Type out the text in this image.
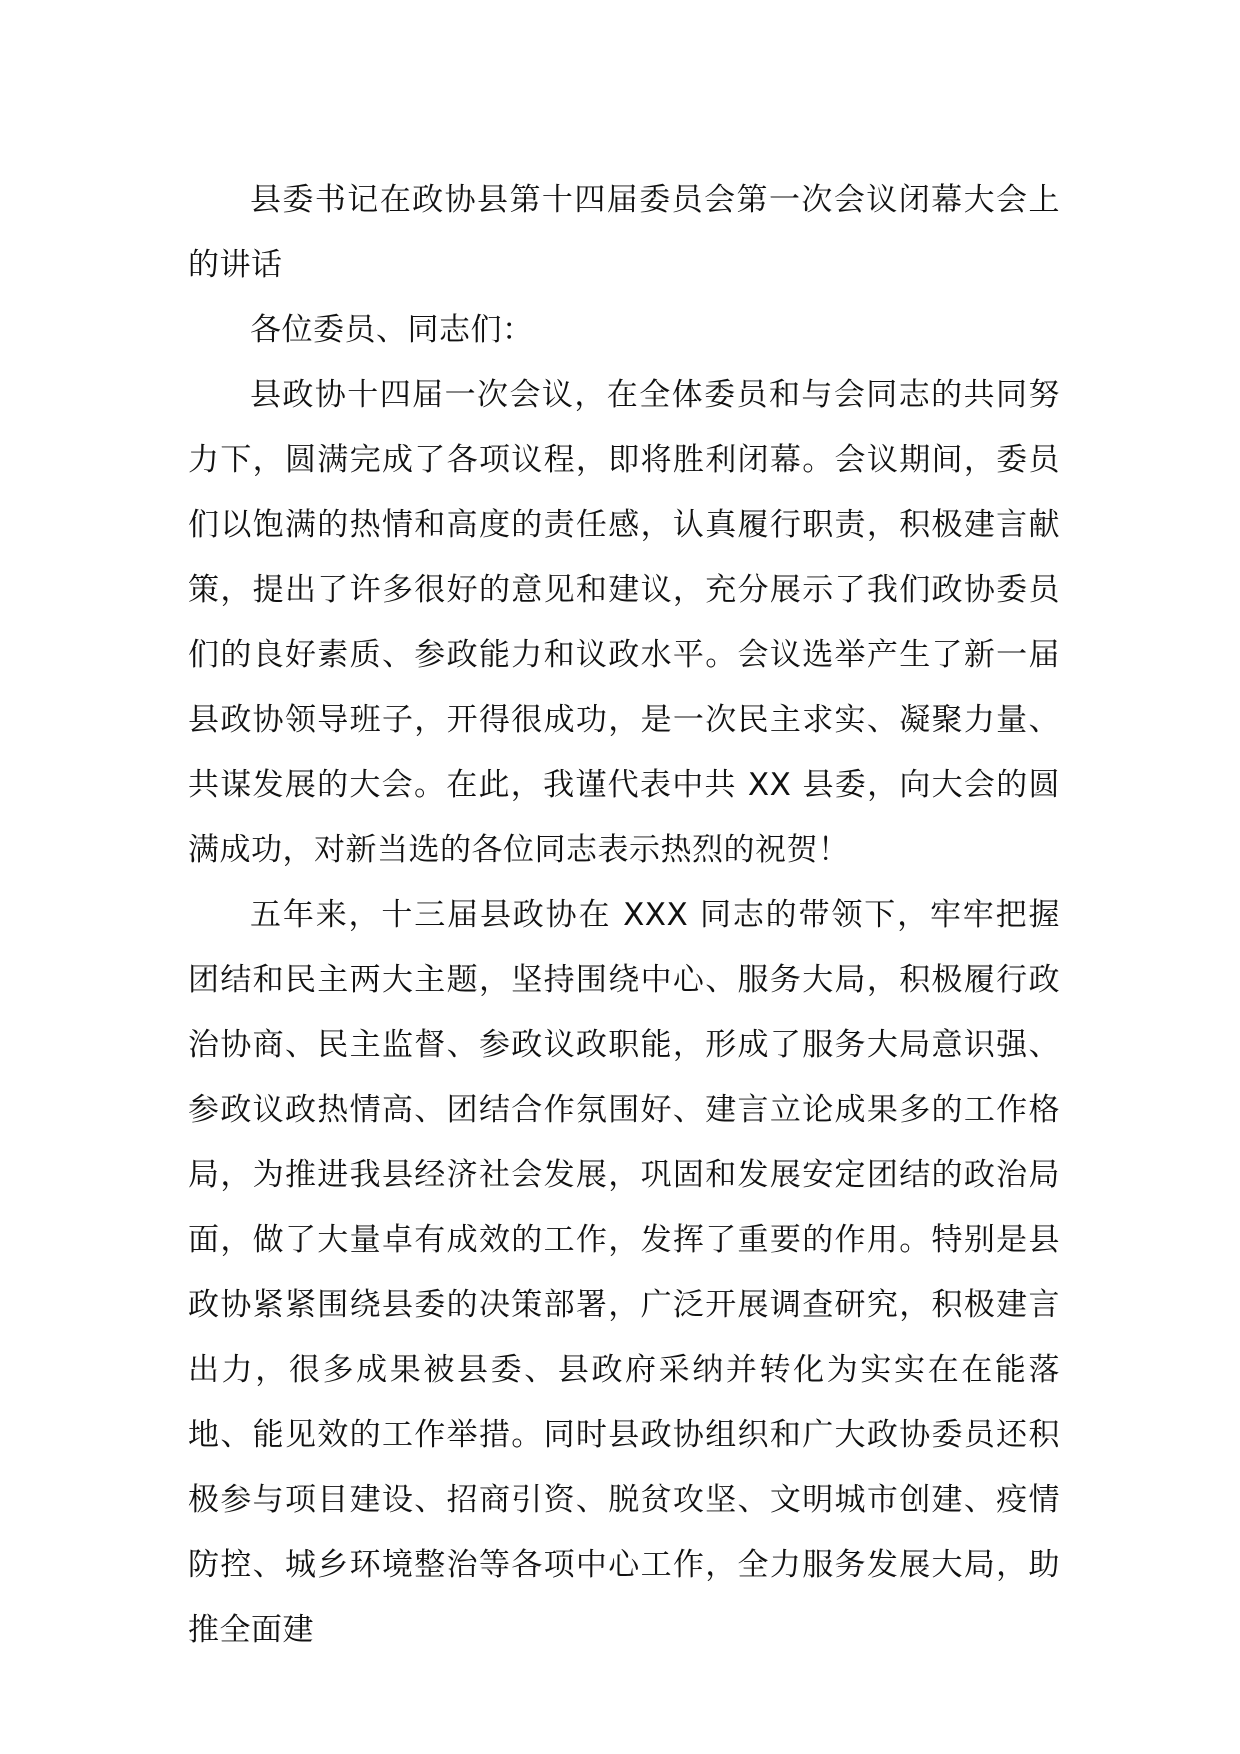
县委书记在政协县第十四届委员会第一次会议闭幕大会上的讲话

各位委员、同志们：

县政协十四届一次会议，在全体委员和与会同志的共同努力下，圆满完成了各项议程，即将胜利闭幕。会议期间，委员们以饱满的热情和高度的责任感，认真履行职责，积极建言献策，提出了许多很好的意见和建议，充分展示了我们政协委员们的良好素质、参政能力和议政水平。会议选举产生了新一届县政协领导班子，开得很成功，是一次民主求实、凝聚力量、共谋发展的大会。在此，我谨代表中共 XX 县委，向大会的圆满成功，对新当选的各位同志表示热烈的祝贺！

五年来，十三届县政协在 XXX 同志的带领下，牢牢把握团结和民主两大主题，坚持围绕中心、服务大局，积极履行政治协商、民主监督、参政议政职能，形成了服务大局意识强、参政议政热情高、团结合作氛围好、建言立论成果多的工作格局，为推进我县经济社会发展，巩固和发展安定团结的政治局面，做了大量卓有成效的工作，发挥了重要的作用。特别是县政协紧紧围绕县委的决策部署，广泛开展调查研究，积极建言出力，很多成果被县委、县政府采纳并转化为实实在在能落地、能见效的工作举措。同时县政协组织和广大政协委员还积极参与项目建设、招商引资、脱贫攻坚、文明城市创建、疫情防控、城乡环境整治等各项中心工作，全力服务发展大局，助推全面建
